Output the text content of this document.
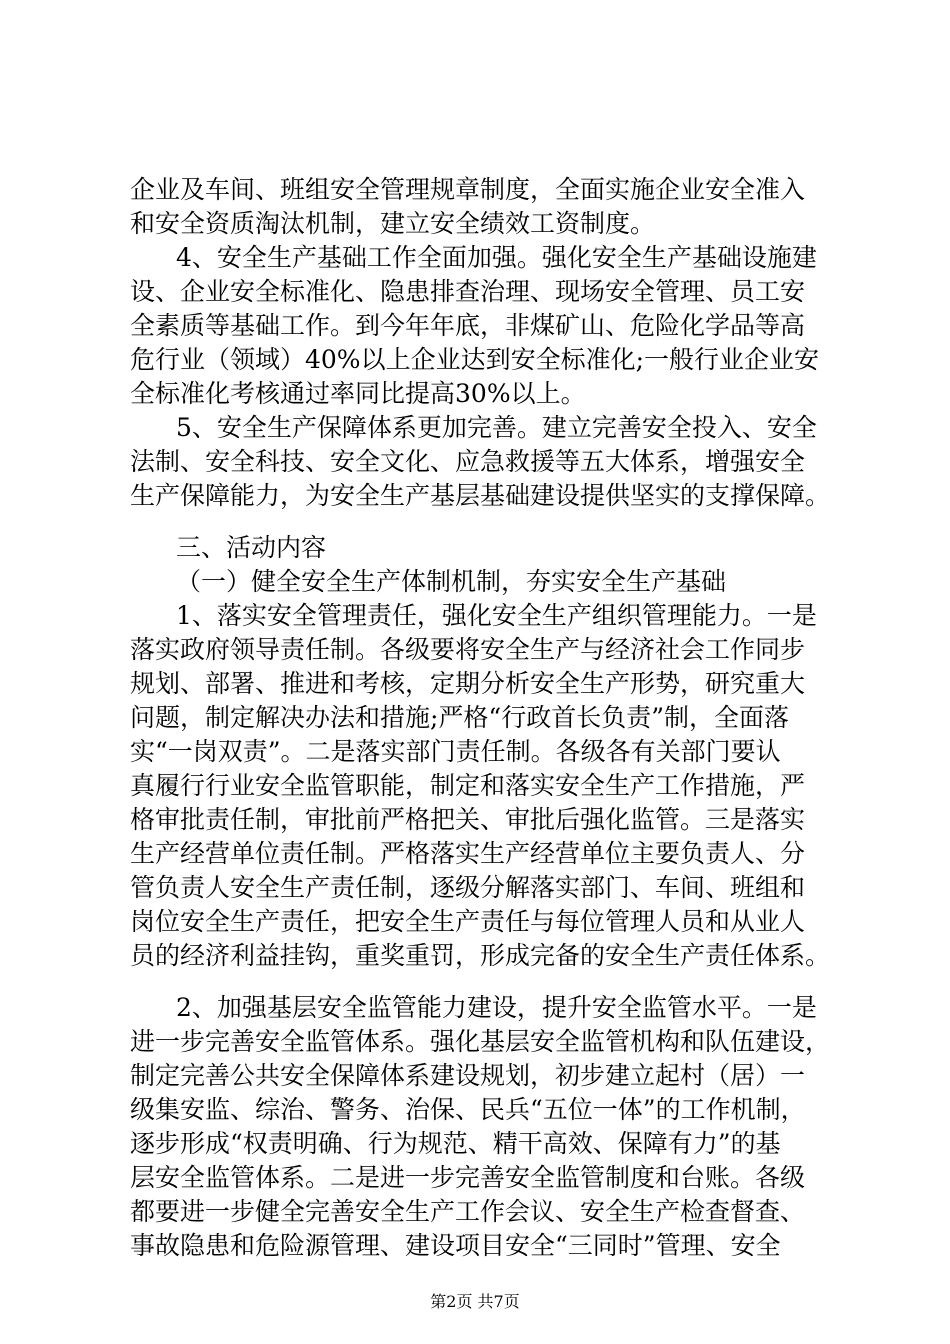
企业及车间、班组安全管理规章制度，全面实施企业安全准入
和安全资质淘汰机制，建立安全绩效工资制度。
4、安全生产基础工作全面加强。强化安全生产基础设施建
设、企业安全标准化、隐患排查治理、现场安全管理、员工安
全素质等基础工作。到今年年底，非煤矿山、危险化学品等高
危行业（领域）40%以上企业达到安全标准化;一般行业企业安
全标准化考核通过率同比提高30%以上。
5、安全生产保障体系更加完善。建立完善安全投入、安全
法制、安全科技、安全文化、应急救援等五大体系，增强安全
生产保障能力，为安全生产基层基础建设提供坚实的支撑保障。
三、活动内容
（一）健全安全生产体制机制，夯实安全生产基础
1、落实安全管理责任，强化安全生产组织管理能力。一是
落实政府领导责任制。各级要将安全生产与经济社会工作同步
规划、部署、推进和考核，定期分析安全生产形势，研究重大
问题，制定解决办法和措施;严格“行政首长负责”制，全面落
实“一岗双责”。二是落实部门责任制。各级各有关部门要认
真履行行业安全监管职能，制定和落实安全生产工作措施，严
格审批责任制，审批前严格把关、审批后强化监管。三是落实
生产经营单位责任制。严格落实生产经营单位主要负责人、分
管负责人安全生产责任制，逐级分解落实部门、车间、班组和
岗位安全生产责任，把安全生产责任与每位管理人员和从业人
员的经济利益挂钩，重奖重罚，形成完备的安全生产责任体系。
2、加强基层安全监管能力建设，提升安全监管水平。一是
进一步完善安全监管体系。强化基层安全监管机构和队伍建设，
制定完善公共安全保障体系建设规划，初步建立起村（居）一
级集安监、综治、警务、治保、民兵“五位一体”的工作机制，
逐步形成“权责明确、行为规范、精干高效、保障有力”的基
层安全监管体系。二是进一步完善安全监管制度和台账。各级
都要进一步健全完善安全生产工作会议、安全生产检查督查、
事故隐患和危险源管理、建设项目安全“三同时”管理、安全
第2页 共7页
